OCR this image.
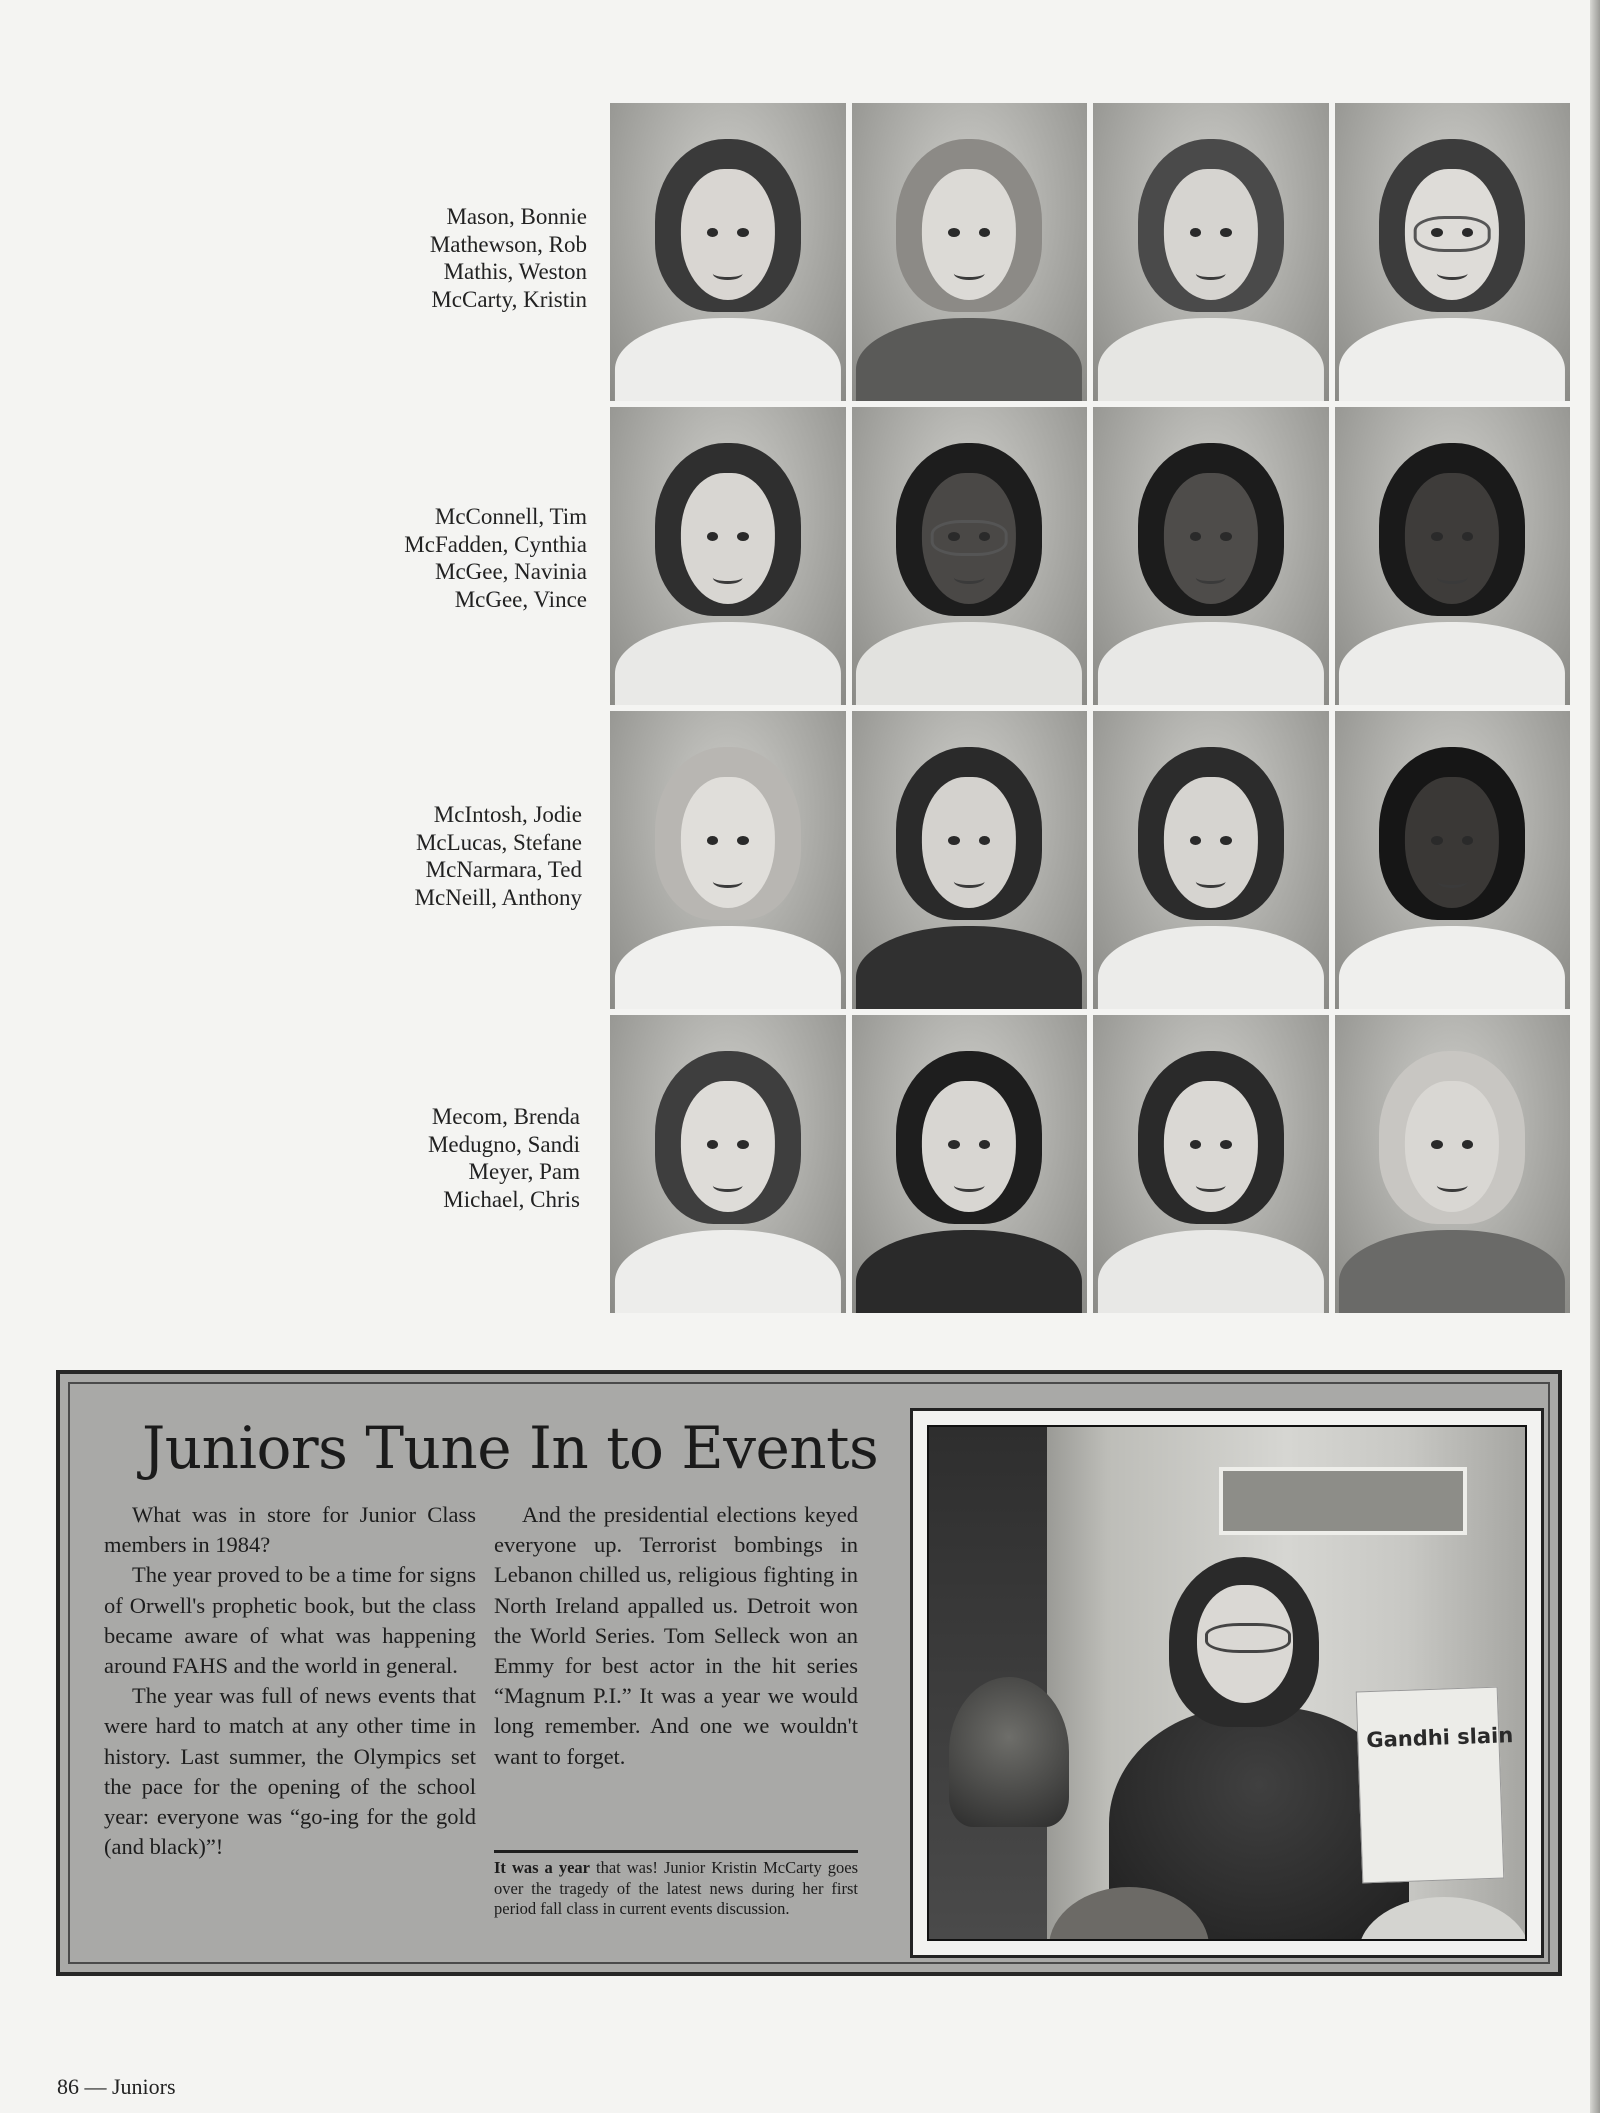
Mason, Bonnie
Mathewson, Rob
Mathis, Weston
McCarty, Kristin
McConnell, Tim
McFadden, Cynthia
McGee, Navinia
McGee, Vince
McIntosh, Jodie
McLucas, Stefane
McNarmara, Ted
McNeill, Anthony
Mecom, Brenda
Medugno, Sandi
Meyer, Pam
Michael, Chris
Juniors Tune In to Events

What was in store for Junior Class members in 1984?

The year proved to be a time for signs of Orwell's prophetic book, but the class became aware of what was happening around FAHS and the world in general.

The year was full of news events that were hard to match at any other time in history. Last summer, the Olympics set the pace for the opening of the school year: everyone was “go-ing for the gold (and black)”!

And the presidential elections keyed everyone up. Terrorist bombings in Lebanon chilled us, religious fighting in North Ireland appalled us. Detroit won the World Series. Tom Selleck won an Emmy for best actor in the hit series “Magnum P.I.” It was a year we would long remember. And one we wouldn't want to forget.

It was a year that was! Junior Kristin McCarty goes over the tragedy of the latest news during her first period fall class in current events discussion.
Gandhi slain
86 — Juniors
